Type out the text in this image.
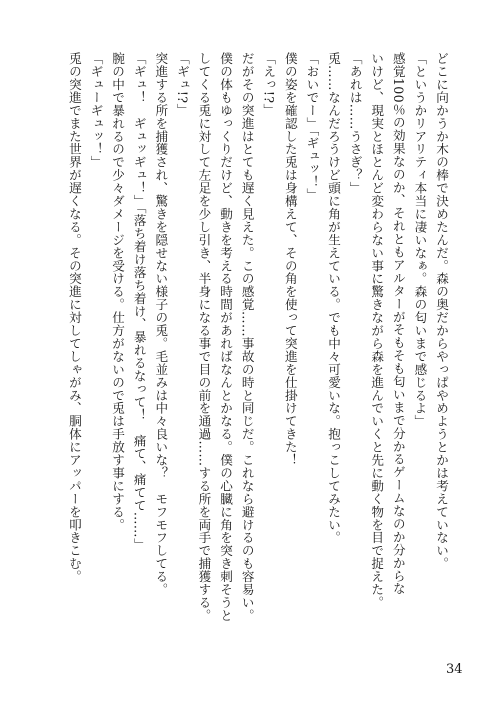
どこに向かうか木の棒で決めたんだ。森の奥だからやっぱやめようとかは考えていない。
「というかリアリティ本当に凄いなぁ。森の匂いまで感じるよ」
感覚100％の効果なのか、それともアルターがそもそも匂いまで分かるゲームなのか分からな
いけど、現実とほとんど変わらない事に驚きながら森を進んでいくと先に動く物を目で捉えた。
「あれは……うさぎ？」
兎……なんだろうけど頭に角が生えている。でも中々可愛いな。抱っこしてみたい。
「おいでー」「ギュッ！」
僕の姿を確認した兎は身構えて、その角を使って突進を仕掛けてきた！
「えっ!?」
だがその突進はとても遅く見えた。この感覚……事故の時と同じだ。これなら避けるのも容易い。
僕の体もゆっくりだけど、動きを考える時間があればなんとかなる。僕の心臓に角を突き刺そうと
してくる兎に対して左足を少し引き、半身になる事で目の前を通過……する所を両手で捕獲する。
「ギュ!?」
突進する所を捕獲され、驚きを隠せない様子の兎。毛並みは中々良いな？　モフモフしてる。
「ギュ！　ギュッギュ！」「落ち着け落ち着け、暴れるなって！　痛て、痛てて……」
腕の中で暴れるので少々ダメージを受ける。仕方がないので兎は手放す事にする。
「ギューギュッ！」
兎の突進でまた世界が遅くなる。その突進に対してしゃがみ、胴体にアッパーを叩きこむ。
34
